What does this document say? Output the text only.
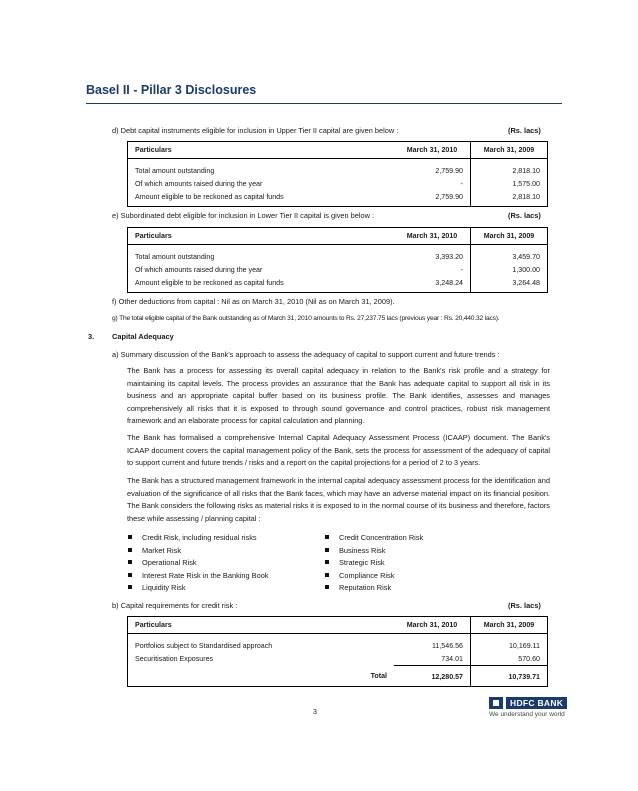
Basel II - Pillar 3 Disclosures
d) Debt capital instruments eligible for inclusion in Upper Tier II capital are given below :	(Rs. lacs)
Particulars	March 31, 2010	March 31, 2009
Total amount outstanding	2,759.90	2,818.10
Of which amounts raised during the year	-	1,575.00
Amount eligible to be reckoned as capital funds	2,759.90	2,818.10
e) Subordinated debt eligible for inclusion in Lower Tier II capital is given below :	(Rs. lacs)
Particulars	March 31, 2010	March 31, 2009
Total amount outstanding	3,393.20	3,459.70
Of which amounts raised during the year	-	1,300.00
Amount eligible to be reckoned as capital funds	3,248.24	3,264.48
f) Other deductions from capital : Nil as on March 31, 2010 (Nil as on March 31, 2009).
g) The total eligible capital of the Bank outstanding as of March 31, 2010 amounts to Rs. 27,237.75 lacs (previous year : Rs. 20,440.32 lacs).
3. Capital Adequacy
a) Summary discussion of the Bank's approach to assess the adequacy of capital to support current and future trends :
The Bank has a process for assessing its overall capital adequacy in relation to the Bank's risk profile and a strategy for maintaining its capital levels. The process provides an assurance that the Bank has adequate capital to support all risk in its business and an appropriate capital buffer based on its business profile. The Bank identifies, assesses and manages comprehensively all risks that it is exposed to through sound governance and control practices, robust risk management framework and an elaborate process for capital calculation and planning.
The Bank has formalised a comprehensive Internal Capital Adequacy Assessment Process (ICAAP) document. The Bank's ICAAP document covers the capital management policy of the Bank, sets the process for assessment of the adequacy of capital to support current and future trends / risks and a report on the capital projections for a period of 2 to 3 years.
The Bank has a structured management framework in the internal capital adequacy assessment process for the identification and evaluation of the significance of all risks that the Bank faces, which may have an adverse material impact on its financial position. The Bank considers the following risks as material risks it is exposed to in the normal course of its business and therefore, factors these while assessing / planning capital :
Credit Risk, including residual risks
Market Risk
Operational Risk
Interest Rate Risk in the Banking Book
Liquidity Risk
Credit Concentration Risk
Business Risk
Strategic Risk
Compliance Risk
Reputation Risk
b) Capital requirements for credit risk :	(Rs. lacs)
Particulars	March 31, 2010	March 31, 2009
Portfolios subject to Standardised approach	11,546.56	10,169.11
Securitisation Exposures	734.01	570.60
Total	12,280.57	10,739.71
3
HDFC BANK
We understand your world
